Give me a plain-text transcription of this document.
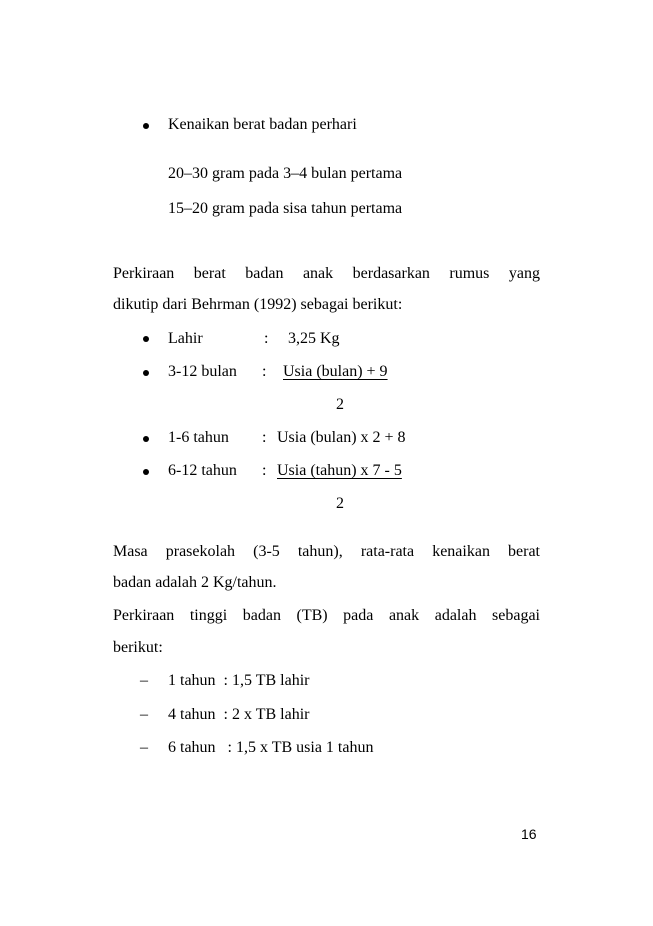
Kenaikan berat badan perhari
20–30 gram pada 3–4 bulan pertama
15–20 gram pada sisa tahun pertama
Perkiraan berat badan anak berdasarkan rumus yang
dikutip dari Behrman (1992) sebagai berikut:
Lahir	: 3,25 Kg
3-12 bulan : Usia (bulan) + 9
2
1-6 tahun : Usia (bulan) x 2 + 8
6-12 tahun : Usia (tahun) x 7 - 5
2
Masa prasekolah (3-5 tahun), rata-rata kenaikan berat
badan adalah 2 Kg/tahun.
Perkiraan tinggi badan (TB) pada anak adalah sebagai
berikut:
– 1 tahun  : 1,5 TB lahir
– 4 tahun  : 2 x TB lahir
– 6 tahun   : 1,5 x TB usia 1 tahun
16
